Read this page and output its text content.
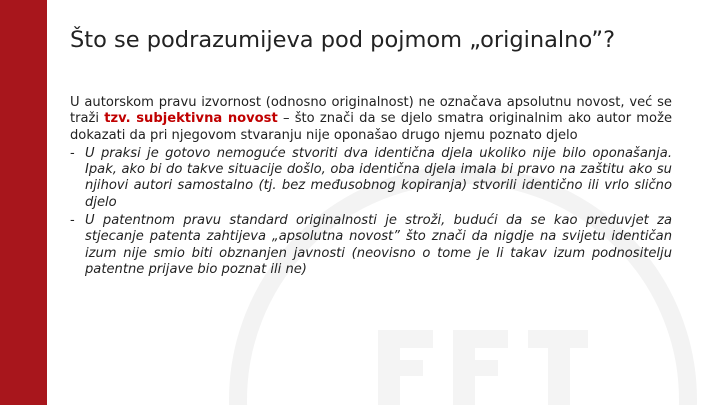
Što se podrazumijeva pod pojmom „originalno”?
U autorskom pravu izvornost (odnosno originalnost) ne označava apsolutnu novost, već se traži tzv. subjektivna novost – što znači da se djelo smatra originalnim ako autor može dokazati da pri njegovom stvaranju nije oponašao drugo njemu poznato djelo
- U praksi je gotovo nemoguće stvoriti dva identična djela ukoliko nije bilo oponašanja. Ipak, ako bi do takve situacije došlo, oba identična djela imala bi pravo na zaštitu ako su njihovi autori samostalno (tj. bez međusobnog kopiranja) stvorili identično ili vrlo slično djelo
- U patentnom pravu standard originalnosti je stroži, budući da se kao preduvjet za stjecanje patenta zahtijeva „apsolutna novost” što znači da nigdje na svijetu identičan izum nije smio biti obznanjen javnosti (neovisno o tome je li takav izum podnositelju patentne prijave bio poznat ili ne)
